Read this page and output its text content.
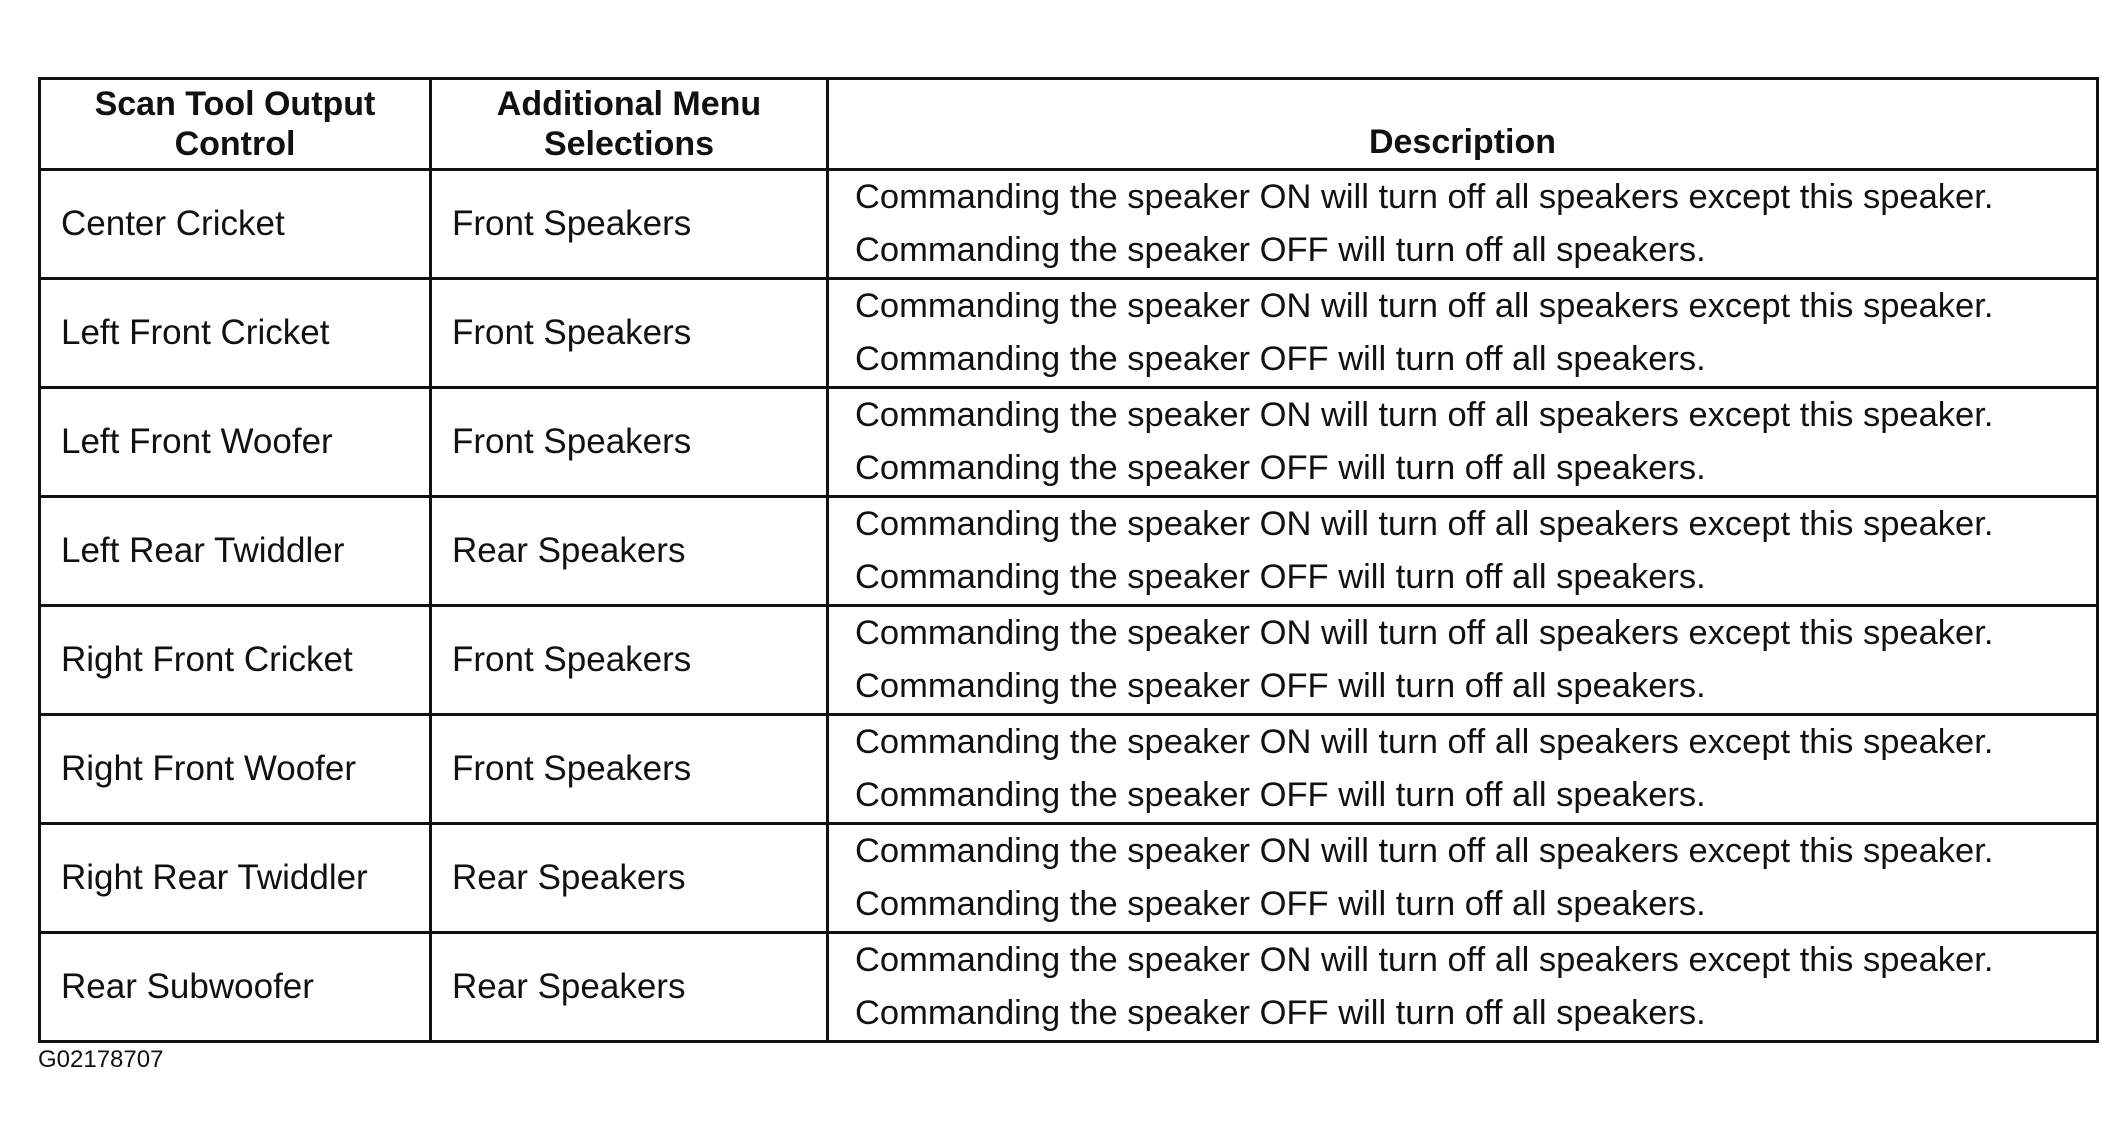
Scan Tool Output Control	Additional Menu Selections	Description
Center Cricket	Front Speakers	Commanding the speaker ON will turn off all speakers except this speaker.
Commanding the speaker OFF will turn off all speakers.

Left Front Cricket	Front Speakers	Commanding the speaker ON will turn off all speakers except this speaker.
Commanding the speaker OFF will turn off all speakers.

Left Front Woofer	Front Speakers	Commanding the speaker ON will turn off all speakers except this speaker.
Commanding the speaker OFF will turn off all speakers.

Left Rear Twiddler	Rear Speakers	Commanding the speaker ON will turn off all speakers except this speaker.
Commanding the speaker OFF will turn off all speakers.

Right Front Cricket	Front Speakers	Commanding the speaker ON will turn off all speakers except this speaker.
Commanding the speaker OFF will turn off all speakers.

Right Front Woofer	Front Speakers	Commanding the speaker ON will turn off all speakers except this speaker.
Commanding the speaker OFF will turn off all speakers.

Right Rear Twiddler	Rear Speakers	Commanding the speaker ON will turn off all speakers except this speaker.
Commanding the speaker OFF will turn off all speakers.

Rear Subwoofer	Rear Speakers	Commanding the speaker ON will turn off all speakers except this speaker.
Commanding the speaker OFF will turn off all speakers.
G02178707
